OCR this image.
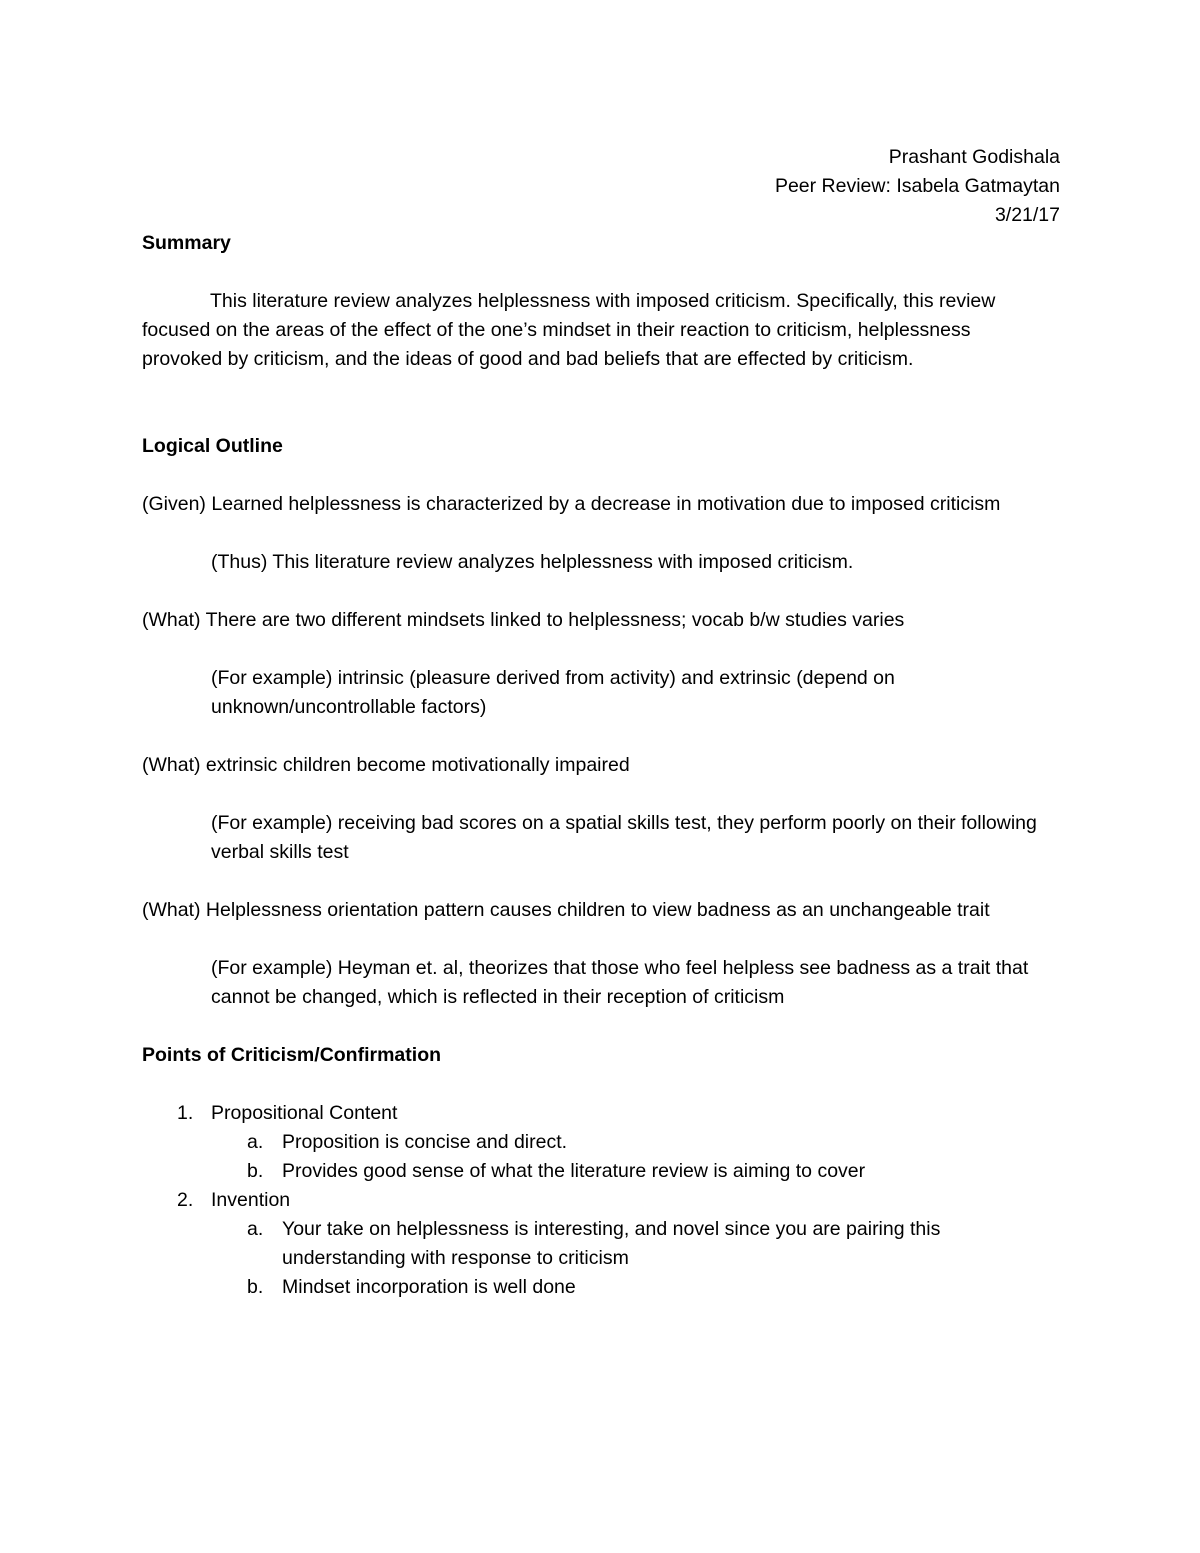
Prashant Godishala
Peer Review: Isabela Gatmaytan
3/21/17

Summary

This literature review analyzes helplessness with imposed criticism. Specifically, this review focused on the areas of the effect of the one’s mindset in their reaction to criticism, helplessness provoked by criticism, and the ideas of good and bad beliefs that are effected by criticism.

Logical Outline

(Given) Learned helplessness is characterized by a decrease in motivation due to imposed criticism

(Thus) This literature review analyzes helplessness with imposed criticism.

(What) There are two different mindsets linked to helplessness; vocab b/w studies varies

(For example) intrinsic (pleasure derived from activity) and extrinsic (depend on unknown/uncontrollable factors)

(What) extrinsic children become motivationally impaired

(For example) receiving bad scores on a spatial skills test, they perform poorly on their following verbal skills test

(What) Helplessness orientation pattern causes children to view badness as an unchangeable trait

(For example) Heyman et. al, theorizes that those who feel helpless see badness as a trait that cannot be changed, which is reflected in their reception of criticism

Points of Criticism/Confirmation

1. Propositional Content
a. Proposition is concise and direct.
b. Provides good sense of what the literature review is aiming to cover
2. Invention
a. Your take on helplessness is interesting, and novel since you are pairing this understanding with response to criticism
b. Mindset incorporation is well done
